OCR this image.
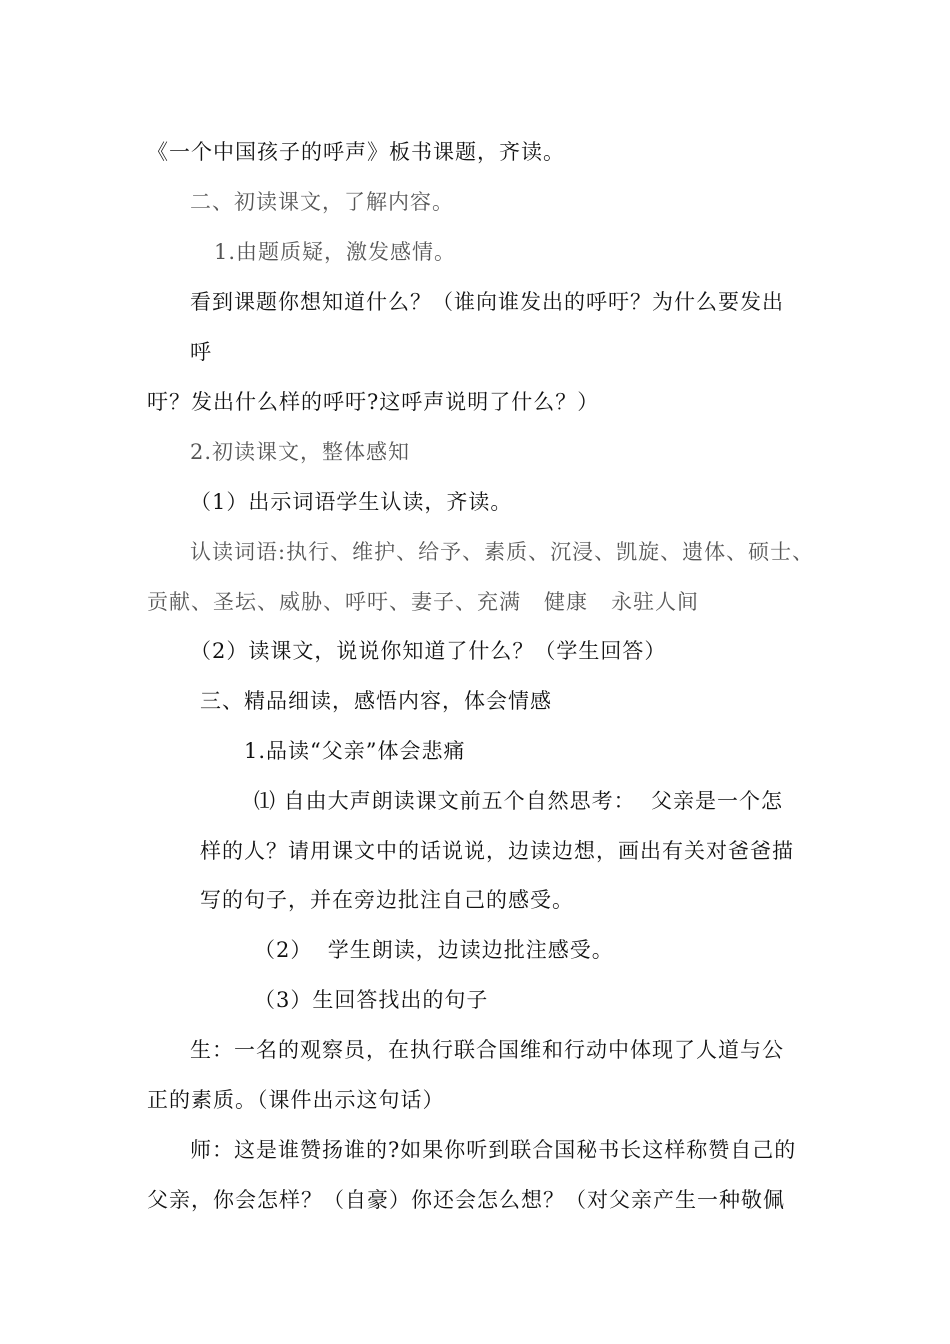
《一个中国孩子的呼声》板书课题，齐读。
二、初读课文，了解内容。
1.由题质疑，激发感情。
看到课题你想知道什么？（谁向谁发出的呼吁？为什么要发出
呼
吁？发出什么样的呼吁?这呼声说明了什么？）
2.初读课文，整体感知
（1）出示词语学生认读，齐读。
认读词语:执行、维护、给予、素质、沉浸、凯旋、遗体、硕士、
贡献、圣坛、威胁、呼吁、妻子、充满   健康   永驻人间
（2）读课文，说说你知道了什么？（学生回答）
三、精品细读，感悟内容，体会情感
1.品读“父亲”体会悲痛
⑴ 自由大声朗读课文前五个自然思考：  父亲是一个怎
样的人？请用课文中的话说说，边读边想，画出有关对爸爸描
写的句子，并在旁边批注自己的感受。
（2）  学生朗读，边读边批注感受。
（3）生回答找出的句子
生：一名的观察员，在执行联合国维和行动中体现了人道与公
正的素质。（课件出示这句话）
师：这是谁赞扬谁的?如果你听到联合国秘书长这样称赞自己的
父亲，你会怎样？（自豪）你还会怎么想？（对父亲产生一种敬佩
